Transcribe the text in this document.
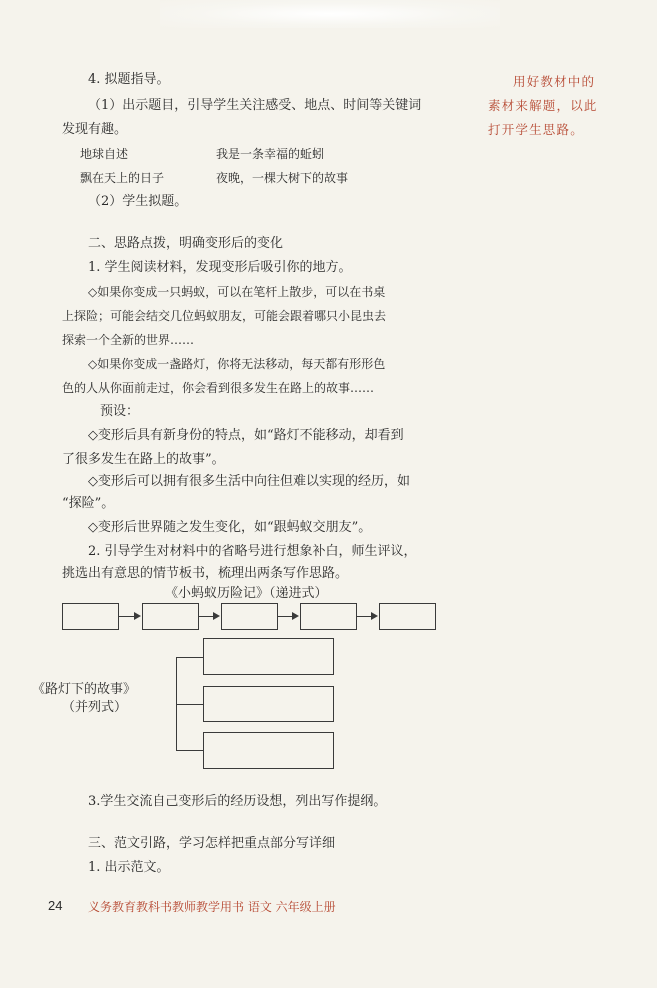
4. 拟题指导。
（1）出示题目，引导学生关注感受、地点、时间等关键词
发现有趣。
地球自述	我是一条幸福的蚯蚓
飘在天上的日子	夜晚，一棵大树下的故事
（2）学生拟题。
用好教材中的
素材来解题，以此
打开学生思路。
二、思路点拨，明确变形后的变化
1. 学生阅读材料，发现变形后吸引你的地方。
◇如果你变成一只蚂蚁，可以在笔杆上散步，可以在书桌
上探险；可能会结交几位蚂蚁朋友，可能会跟着哪只小昆虫去
探索一个全新的世界……
◇如果你变成一盏路灯，你将无法移动，每天都有形形色
色的人从你面前走过，你会看到很多发生在路上的故事……
预设：
◇变形后具有新身份的特点，如“路灯不能移动，却看到
了很多发生在路上的故事”。
◇变形后可以拥有很多生活中向往但难以实现的经历，如
“探险”。
◇变形后世界随之发生变化，如“跟蚂蚁交朋友”。
2. 引导学生对材料中的省略号进行想象补白，师生评议，
挑选出有意思的情节板书，梳理出两条写作思路。
《小蚂蚁历险记》（递进式）
《路灯下的故事》
（并列式）
3.学生交流自己变形后的经历设想，列出写作提纲。
三、范文引路，学习怎样把重点部分写详细
1. 出示范文。
24 义务教育教科书教师教学用书 语文 六年级上册
